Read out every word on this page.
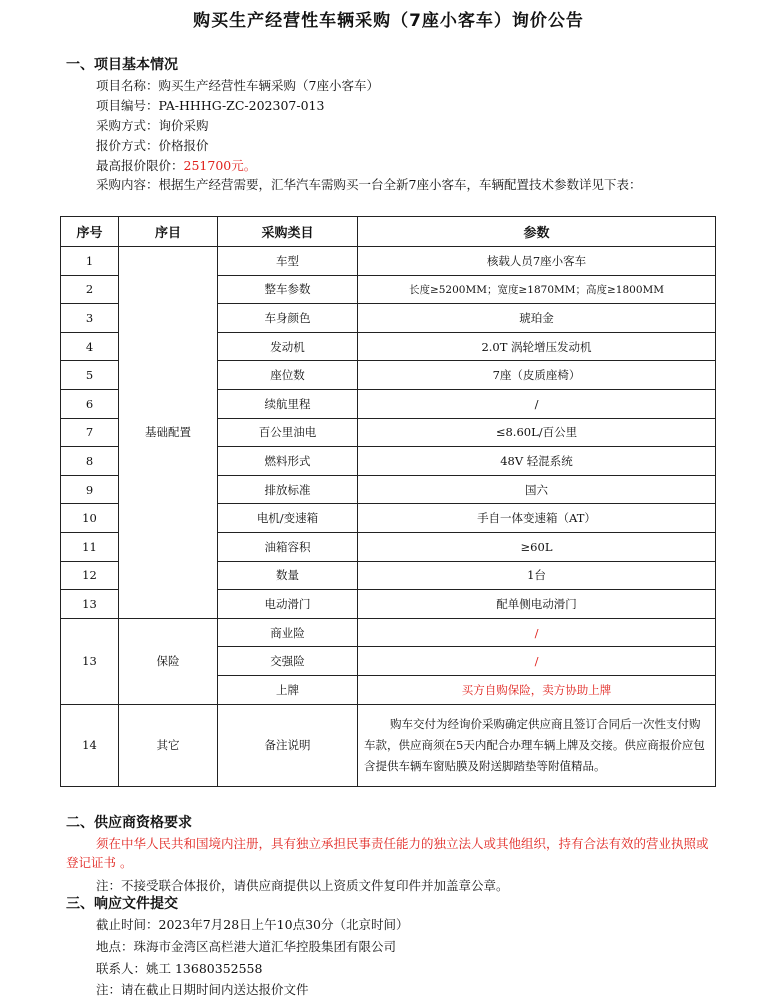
购买生产经营性车辆采购（7座小客车）询价公告
一、项目基本情况
项目名称：购买生产经营性车辆采购（7座小客车）
项目编号：PA-HHHG-ZC-202307-013
采购方式：询价采购
报价方式：价格报价
最高报价限价：251700元。
采购内容：根据生产经营需要，汇华汽车需购买一台全新7座小客车，车辆配置技术参数详见下表：
序号	序目	采购类目	参数
1	基础配置	车型	核载人员7座小客车
2		整车参数	长度≥5200MM；宽度≥1870MM；高度≥1800MM
3		车身颜色	琥珀金
4		发动机	2.0T 涡轮增压发动机
5		座位数	7座（皮质座椅）
6		续航里程	/
7		百公里油电	≤8.60L/百公里
8		燃料形式	48V 轻混系统
9		排放标准	国六
10		电机/变速箱	手自一体变速箱（AT）
11		油箱容积	≥60L
12		数量	1台
13		电动滑门	配单侧电动滑门
13	保险	商业险	/
		交强险	/
		上牌	买方自购保险，卖方协助上牌
14	其它	备注说明	购车交付为经询价采购确定供应商且签订合同后一次性支付购车款，供应商须在5天内配合办理车辆上牌及交接。供应商报价应包含提供车辆车窗贴膜及附送脚踏垫等附值精品。
二、供应商资格要求
须在中华人民共和国境内注册，具有独立承担民事责任能力的独立法人或其他组织，持有合法有效的营业执照或登记证书 。
注：不接受联合体报价，请供应商提供以上资质文件复印件并加盖章公章。
三、响应文件提交
截止时间：2023年7月28日上午10点30分（北京时间）
地点：珠海市金湾区高栏港大道汇华控股集团有限公司
联系人：姚工 13680352558
注：请在截止日期时间内送达报价文件
